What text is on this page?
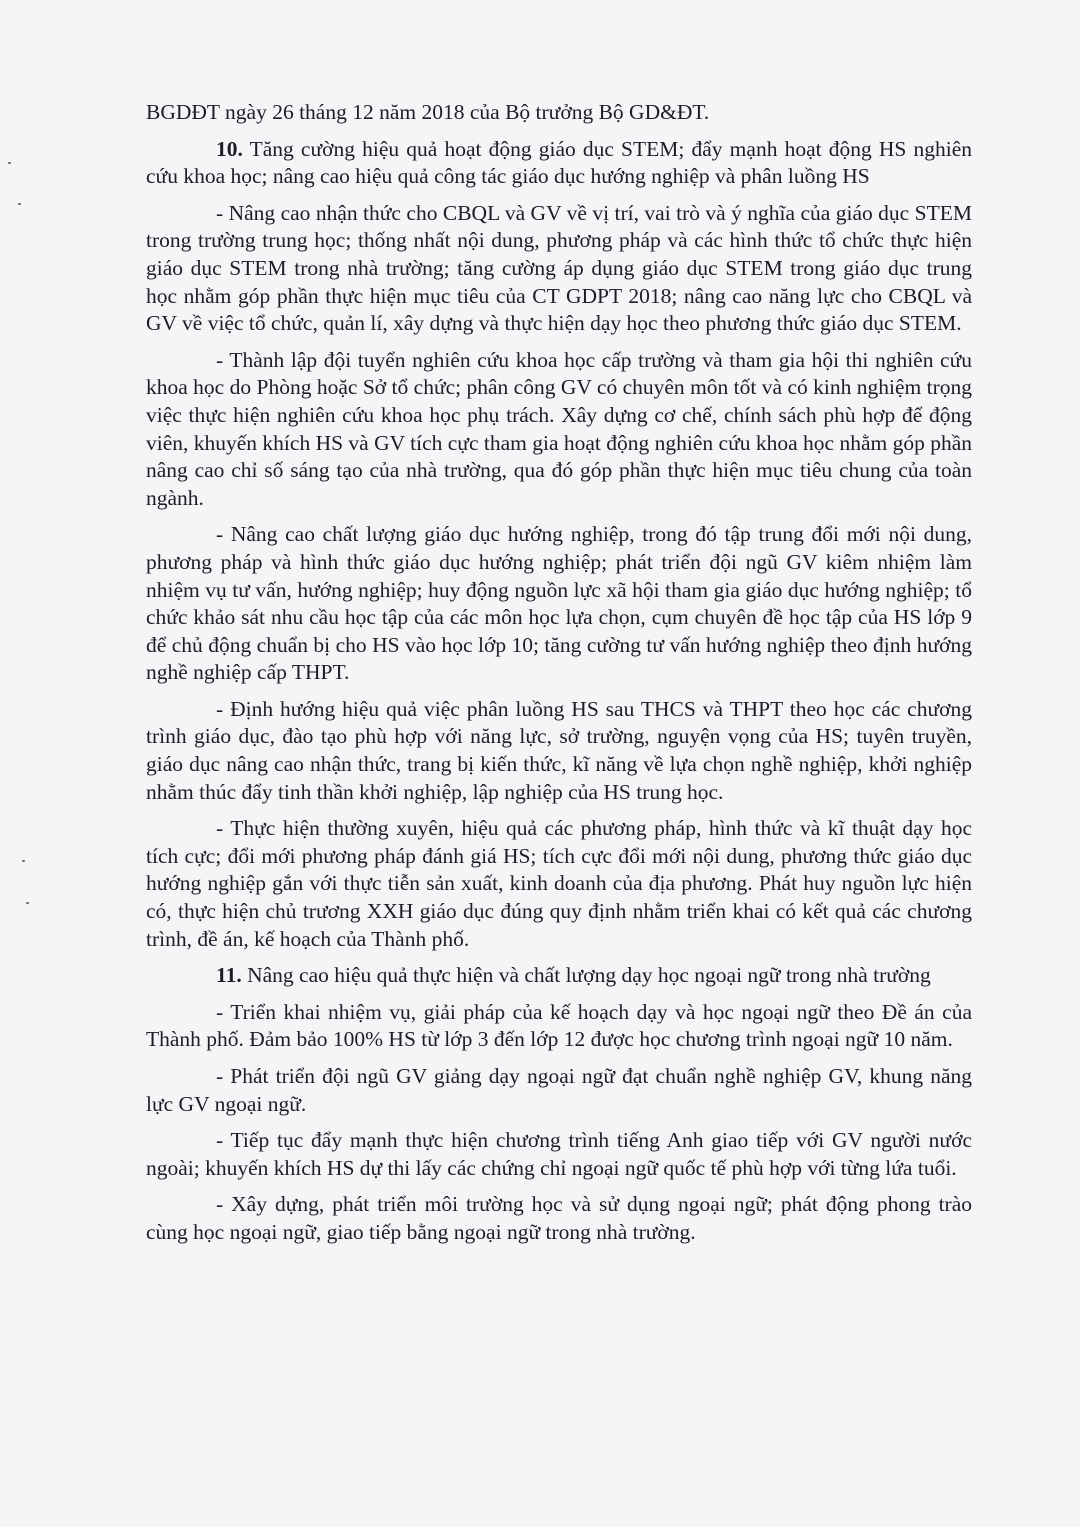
BGDĐT ngày 26 tháng 12 năm 2018 của Bộ trưởng Bộ GD&ĐT.

10. Tăng cường hiệu quả hoạt động giáo dục STEM; đẩy mạnh hoạt động HS nghiên cứu khoa học; nâng cao hiệu quả công tác giáo dục hướng nghiệp và phân luồng HS

- Nâng cao nhận thức cho CBQL và GV về vị trí, vai trò và ý nghĩa của giáo dục STEM trong trường trung học; thống nhất nội dung, phương pháp và các hình thức tổ chức thực hiện giáo dục STEM trong nhà trường; tăng cường áp dụng giáo dục STEM trong giáo dục trung học nhằm góp phần thực hiện mục tiêu của CT GDPT 2018; nâng cao năng lực cho CBQL và GV về việc tổ chức, quản lí, xây dựng và thực hiện dạy học theo phương thức giáo dục STEM.

- Thành lập đội tuyển nghiên cứu khoa học cấp trường và tham gia hội thi nghiên cứu khoa học do Phòng hoặc Sở tổ chức; phân công GV có chuyên môn tốt và có kinh nghiệm trọng việc thực hiện nghiên cứu khoa học phụ trách. Xây dựng cơ chế, chính sách phù hợp để động viên, khuyến khích HS và GV tích cực tham gia hoạt động nghiên cứu khoa học nhằm góp phần nâng cao chỉ số sáng tạo của nhà trường, qua đó góp phần thực hiện mục tiêu chung của toàn ngành.

- Nâng cao chất lượng giáo dục hướng nghiệp, trong đó tập trung đổi mới nội dung, phương pháp và hình thức giáo dục hướng nghiệp; phát triển đội ngũ GV kiêm nhiệm làm nhiệm vụ tư vấn, hướng nghiệp; huy động nguồn lực xã hội tham gia giáo dục hướng nghiệp; tổ chức khảo sát nhu cầu học tập của các môn học lựa chọn, cụm chuyên đề học tập của HS lớp 9 để chủ động chuẩn bị cho HS vào học lớp 10; tăng cường tư vấn hướng nghiệp theo định hướng nghề nghiệp cấp THPT.

- Định hướng hiệu quả việc phân luồng HS sau THCS và THPT theo học các chương trình giáo dục, đào tạo phù hợp với năng lực, sở trường, nguyện vọng của HS; tuyên truyền, giáo dục nâng cao nhận thức, trang bị kiến thức, kĩ năng về lựa chọn nghề nghiệp, khởi nghiệp nhằm thúc đẩy tinh thần khởi nghiệp, lập nghiệp của HS trung học.

- Thực hiện thường xuyên, hiệu quả các phương pháp, hình thức và kĩ thuật dạy học tích cực; đổi mới phương pháp đánh giá HS; tích cực đổi mới nội dung, phương thức giáo dục hướng nghiệp gắn với thực tiễn sản xuất, kinh doanh của địa phương. Phát huy nguồn lực hiện có, thực hiện chủ trương XXH giáo dục đúng quy định nhằm triển khai có kết quả các chương trình, đề án, kế hoạch của Thành phố.

11. Nâng cao hiệu quả thực hiện và chất lượng dạy học ngoại ngữ trong nhà trường

- Triển khai nhiệm vụ, giải pháp của kế hoạch dạy và học ngoại ngữ theo Đề án của Thành phố. Đảm bảo 100% HS từ lớp 3 đến lớp 12 được học chương trình ngoại ngữ 10 năm.

- Phát triển đội ngũ GV giảng dạy ngoại ngữ đạt chuẩn nghề nghiệp GV, khung năng lực GV ngoại ngữ.

- Tiếp tục đẩy mạnh thực hiện chương trình tiếng Anh giao tiếp với GV người nước ngoài; khuyến khích HS dự thi lấy các chứng chỉ ngoại ngữ quốc tế phù hợp với từng lứa tuổi.

- Xây dựng, phát triển môi trường học và sử dụng ngoại ngữ; phát động phong trào cùng học ngoại ngữ, giao tiếp bằng ngoại ngữ trong nhà trường.
